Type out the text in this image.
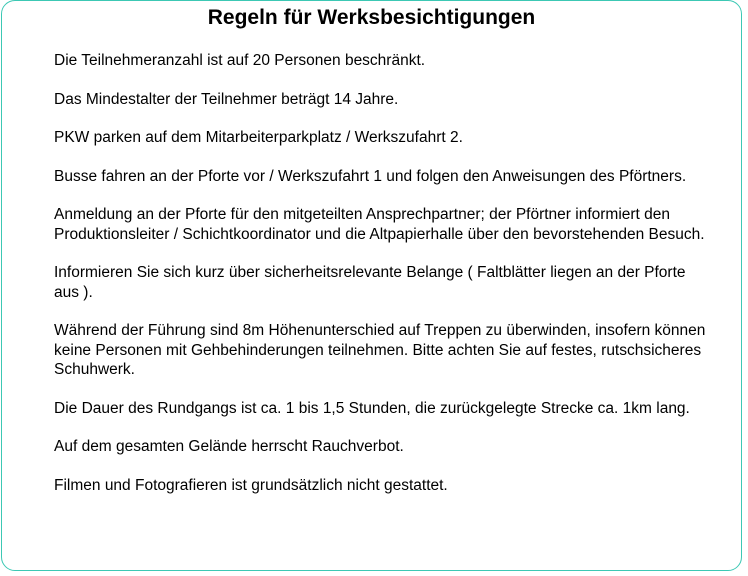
Regeln für Werksbesichtigungen
Die Teilnehmeranzahl ist auf 20 Personen beschränkt.
Das Mindestalter der Teilnehmer beträgt 14 Jahre.
PKW parken auf dem Mitarbeiterparkplatz / Werkszufahrt 2.
Busse fahren an der Pforte vor / Werkszufahrt 1 und folgen den Anweisungen des Pförtners.
Anmeldung an der Pforte für den mitgeteilten Ansprechpartner; der Pförtner informiert den Produktionsleiter / Schichtkoordinator und die Altpapierhalle über den bevorstehenden Besuch.
Informieren Sie sich kurz über sicherheitsrelevante Belange ( Faltblätter liegen an der Pforte aus ).
Während der Führung sind 8m Höhenunterschied auf Treppen zu überwinden, insofern können keine Personen mit Gehbehinderungen teilnehmen. Bitte achten Sie auf festes, rutschsicheres Schuhwerk.
Die Dauer des Rundgangs ist ca. 1 bis 1,5 Stunden, die zurückgelegte Strecke ca. 1km lang.
Auf dem gesamten Gelände herrscht Rauchverbot.
Filmen und Fotografieren ist grundsätzlich nicht gestattet.
